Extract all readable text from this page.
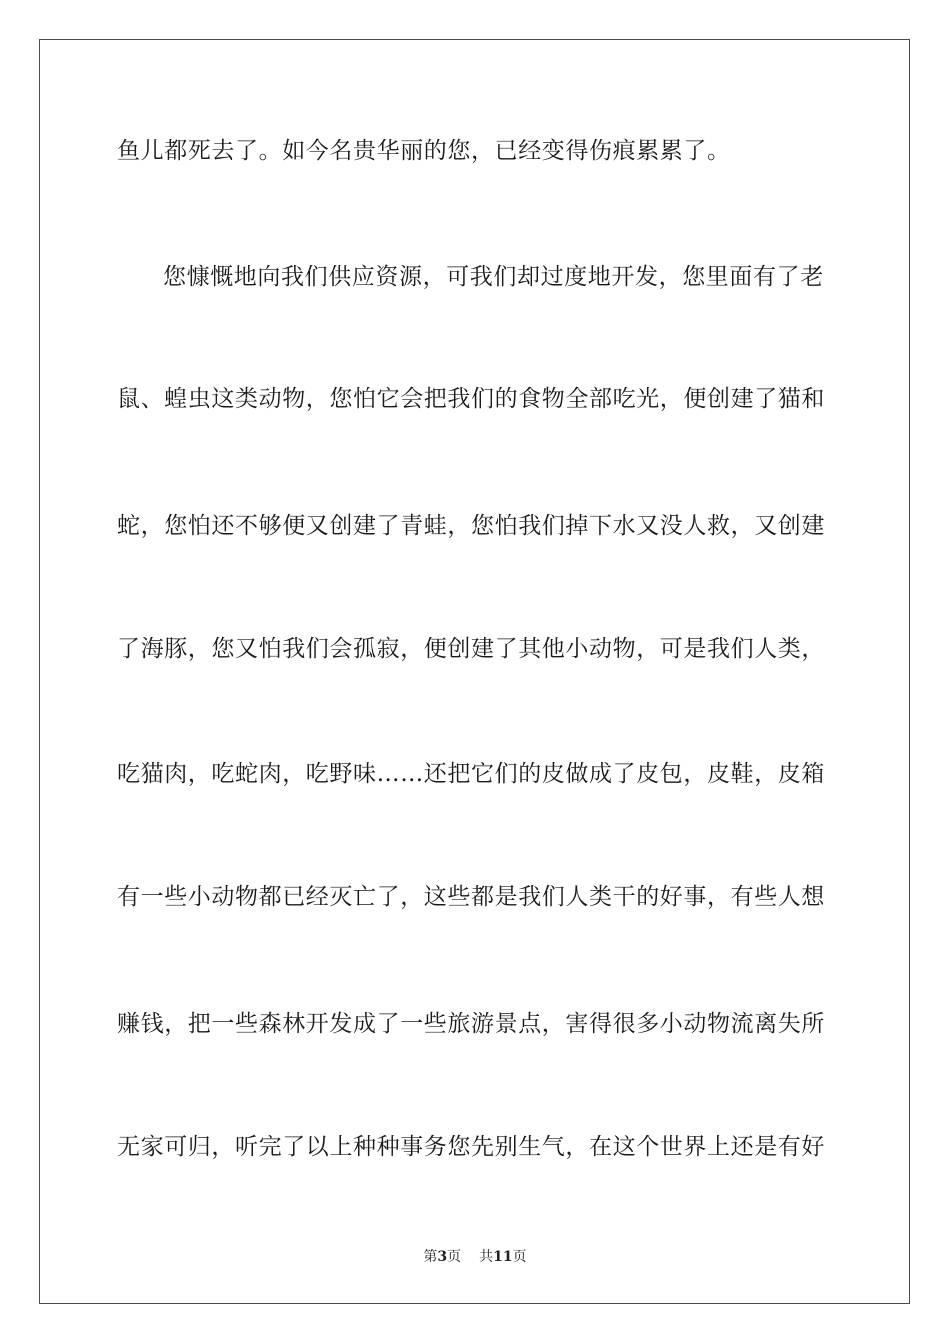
鱼儿都死去了。如今名贵华丽的您，已经变得伤痕累累了。
您慷慨地向我们供应资源，可我们却过度地开发，您里面有了老
鼠、蝗虫这类动物，您怕它会把我们的食物全部吃光，便创建了猫和
蛇，您怕还不够便又创建了青蛙，您怕我们掉下水又没人救，又创建
了海豚，您又怕我们会孤寂，便创建了其他小动物，可是我们人类，
吃猫肉，吃蛇肉，吃野味……还把它们的皮做成了皮包，皮鞋，皮箱
有一些小动物都已经灭亡了，这些都是我们人类干的好事，有些人想
赚钱，把一些森林开发成了一些旅游景点，害得很多小动物流离失所
无家可归，听完了以上种种事务您先别生气，在这个世界上还是有好
第3页 共11页
